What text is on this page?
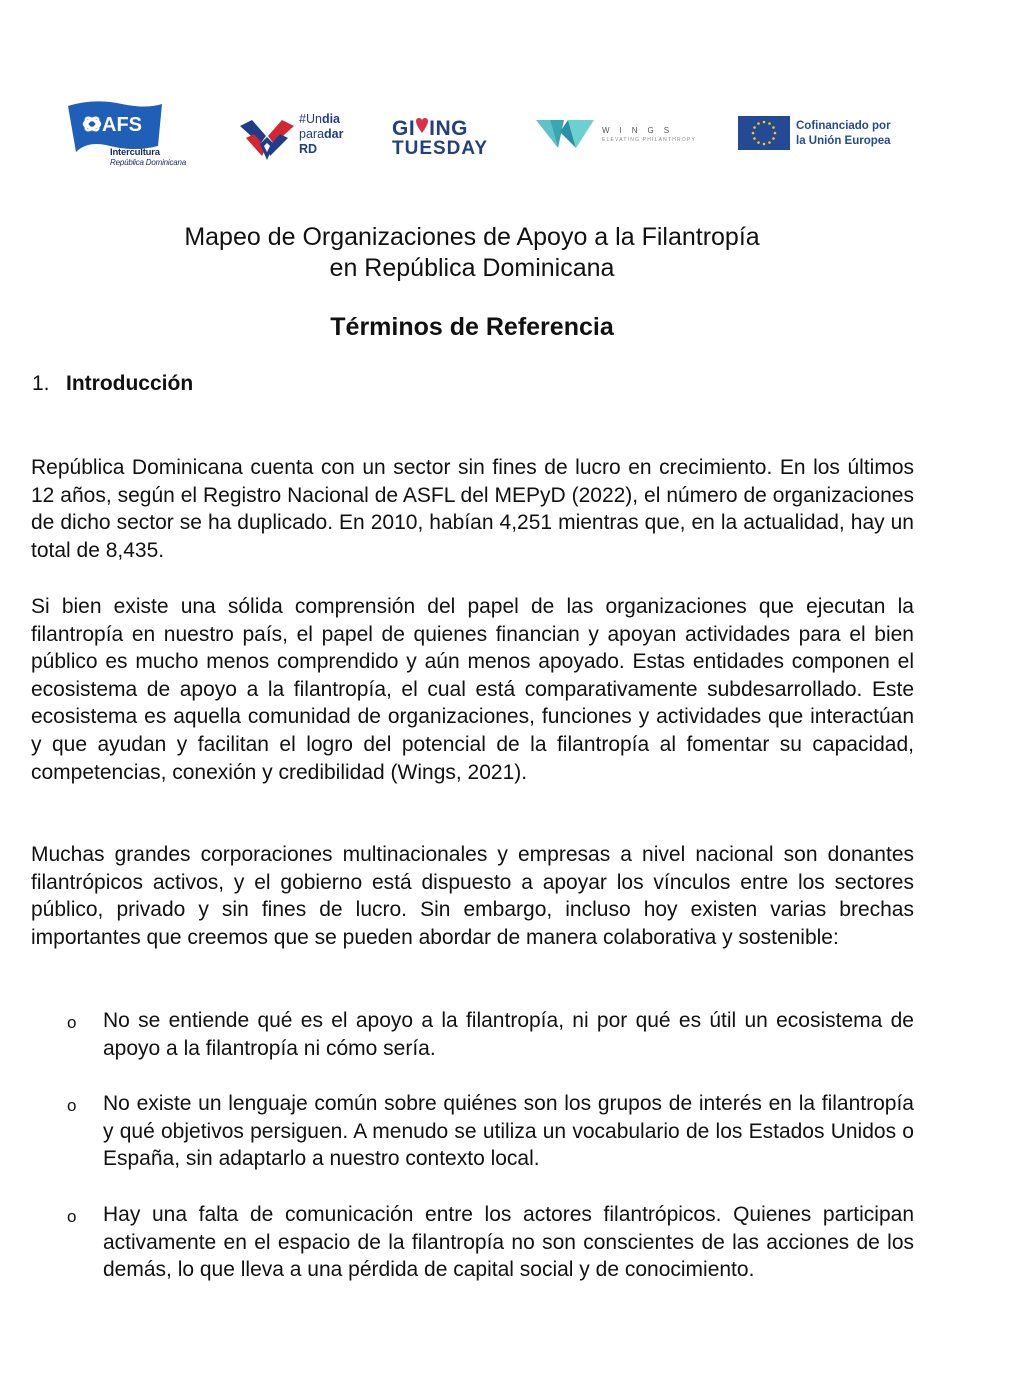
AFS
Intercultura
República Dominicana
#Undia
paradar
RD
GI ING
TUESDAY
WINGS
ELEVATING PHILANTHROPY
Cofinanciado por
la Unión Europea
Mapeo de Organizaciones de Apoyo a la Filantropía
en República Dominicana
Términos de Referencia
1. Introducción
República Dominicana cuenta con un sector sin fines de lucro en crecimiento. En los últimos 12 años, según el Registro Nacional de ASFL del MEPyD (2022), el número de organizaciones de dicho sector se ha duplicado. En 2010, habían 4,251 mientras que, en la actualidad, hay un total de 8,435.
Si bien existe una sólida comprensión del papel de las organizaciones que ejecutan la filantropía en nuestro país, el papel de quienes financian y apoyan actividades para el bien público es mucho menos comprendido y aún menos apoyado. Estas entidades componen el ecosistema de apoyo a la filantropía, el cual está comparativamente subdesarrollado. Este ecosistema es aquella comunidad de organizaciones, funciones y actividades que interactúan y que ayudan y facilitan el logro del potencial de la filantropía al fomentar su capacidad, competencias, conexión y credibilidad (Wings, 2021).
Muchas grandes corporaciones multinacionales y empresas a nivel nacional son donantes filantrópicos activos, y el gobierno está dispuesto a apoyar los vínculos entre los sectores público, privado y sin fines de lucro. Sin embargo, incluso hoy existen varias brechas importantes que creemos que se pueden abordar de manera colaborativa y sostenible:
o No se entiende qué es el apoyo a la filantropía, ni por qué es útil un ecosistema de apoyo a la filantropía ni cómo sería.
o No existe un lenguaje común sobre quiénes son los grupos de interés en la filantropía y qué objetivos persiguen. A menudo se utiliza un vocabulario de los Estados Unidos o España, sin adaptarlo a nuestro contexto local.
o Hay una falta de comunicación entre los actores filantrópicos. Quienes participan activamente en el espacio de la filantropía no son conscientes de las acciones de los demás, lo que lleva a una pérdida de capital social y de conocimiento.
